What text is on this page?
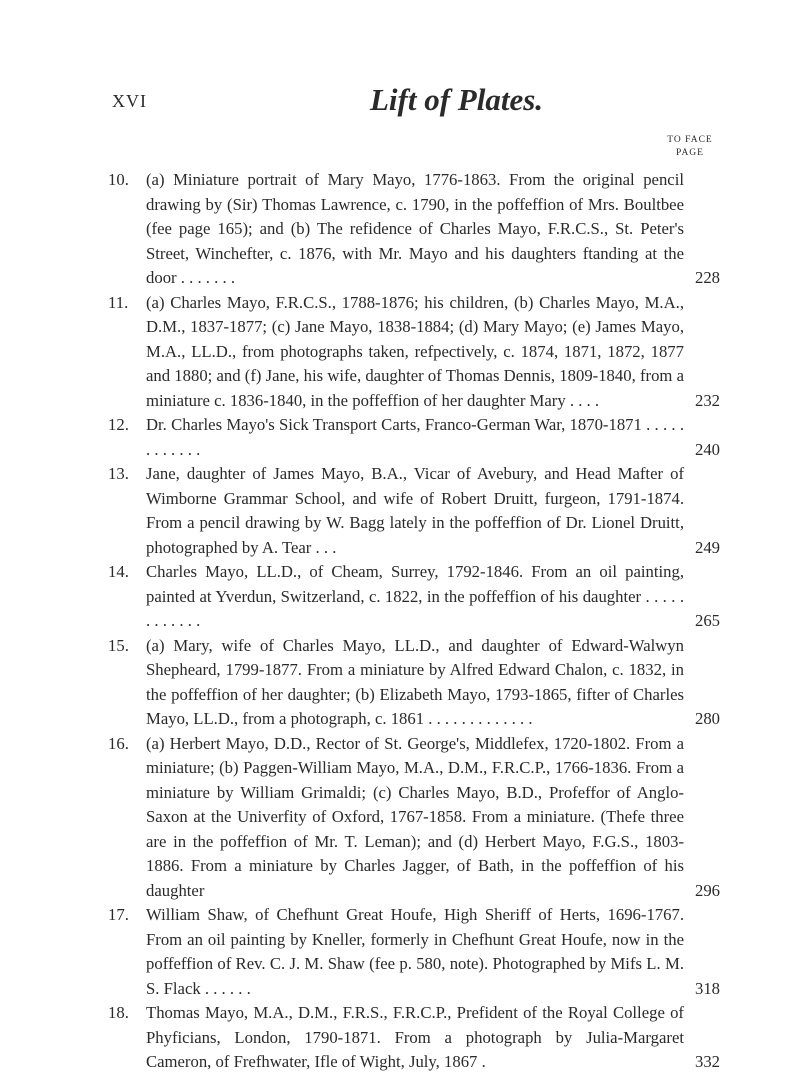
xvi	Lift of Plates.
TO FACE
PAGE
10.	(a) Miniature portrait of Mary Mayo, 1776-1863. From the original pencil drawing by (Sir) Thomas Lawrence, c. 1790, in the poffeffion of Mrs. Boultbee (fee page 165); and (b) The refidence of Charles Mayo, F.R.C.S., St. Peter's Street, Winchefter, c. 1876, with Mr. Mayo and his daughters ftanding at the door . . . . . . .	228
11.	(a) Charles Mayo, F.R.C.S., 1788-1876; his children, (b) Charles Mayo, M.A., D.M., 1837-1877; (c) Jane Mayo, 1838-1884; (d) Mary Mayo; (e) James Mayo, M.A., LL.D., from photographs taken, refpectively, c. 1874, 1871, 1872, 1877 and 1880; and (f) Jane, his wife, daughter of Thomas Dennis, 1809-1840, from a miniature c. 1836-1840, in the poffeffion of her daughter Mary . . . .	232
12.	Dr. Charles Mayo's Sick Transport Carts, Franco-German War, 1870-1871 . . . . . . . . . . . .	240
13.	Jane, daughter of James Mayo, B.A., Vicar of Avebury, and Head Mafter of Wimborne Grammar School, and wife of Robert Druitt, furgeon, 1791-1874. From a pencil drawing by W. Bagg lately in the poffeffion of Dr. Lionel Druitt, photographed by A. Tear . . .	249
14.	Charles Mayo, LL.D., of Cheam, Surrey, 1792-1846. From an oil painting, painted at Yverdun, Switzerland, c. 1822, in the poffeffion of his daughter . . . . . . . . . . . .	265
15.	(a) Mary, wife of Charles Mayo, LL.D., and daughter of Edward-Walwyn Shepheard, 1799-1877. From a miniature by Alfred Edward Chalon, c. 1832, in the poffeffion of her daughter; (b) Elizabeth Mayo, 1793-1865, fifter of Charles Mayo, LL.D., from a photograph, c. 1861 . . . . . . . . . . . . .	280
16.	(a) Herbert Mayo, D.D., Rector of St. George's, Middlefex, 1720-1802. From a miniature; (b) Paggen-William Mayo, M.A., D.M., F.R.C.P., 1766-1836. From a miniature by William Grimaldi; (c) Charles Mayo, B.D., Profeffor of Anglo-Saxon at the Univerfity of Oxford, 1767-1858. From a miniature. (Thefe three are in the poffeffion of Mr. T. Leman); and (d) Herbert Mayo, F.G.S., 1803-1886. From a miniature by Charles Jagger, of Bath, in the poffeffion of his daughter	296
17.	William Shaw, of Chefhunt Great Houfe, High Sheriff of Herts, 1696-1767. From an oil painting by Kneller, formerly in Chefhunt Great Houfe, now in the poffeffion of Rev. C. J. M. Shaw (fee p. 580, note). Photographed by Mifs L. M. S. Flack . . . . . .	318
18.	Thomas Mayo, M.A., D.M., F.R.S., F.R.C.P., Prefident of the Royal College of Phyficians, London, 1790-1871. From a photograph by Julia-Margaret Cameron, of Frefhwater, Ifle of Wight, July, 1867 .	332
